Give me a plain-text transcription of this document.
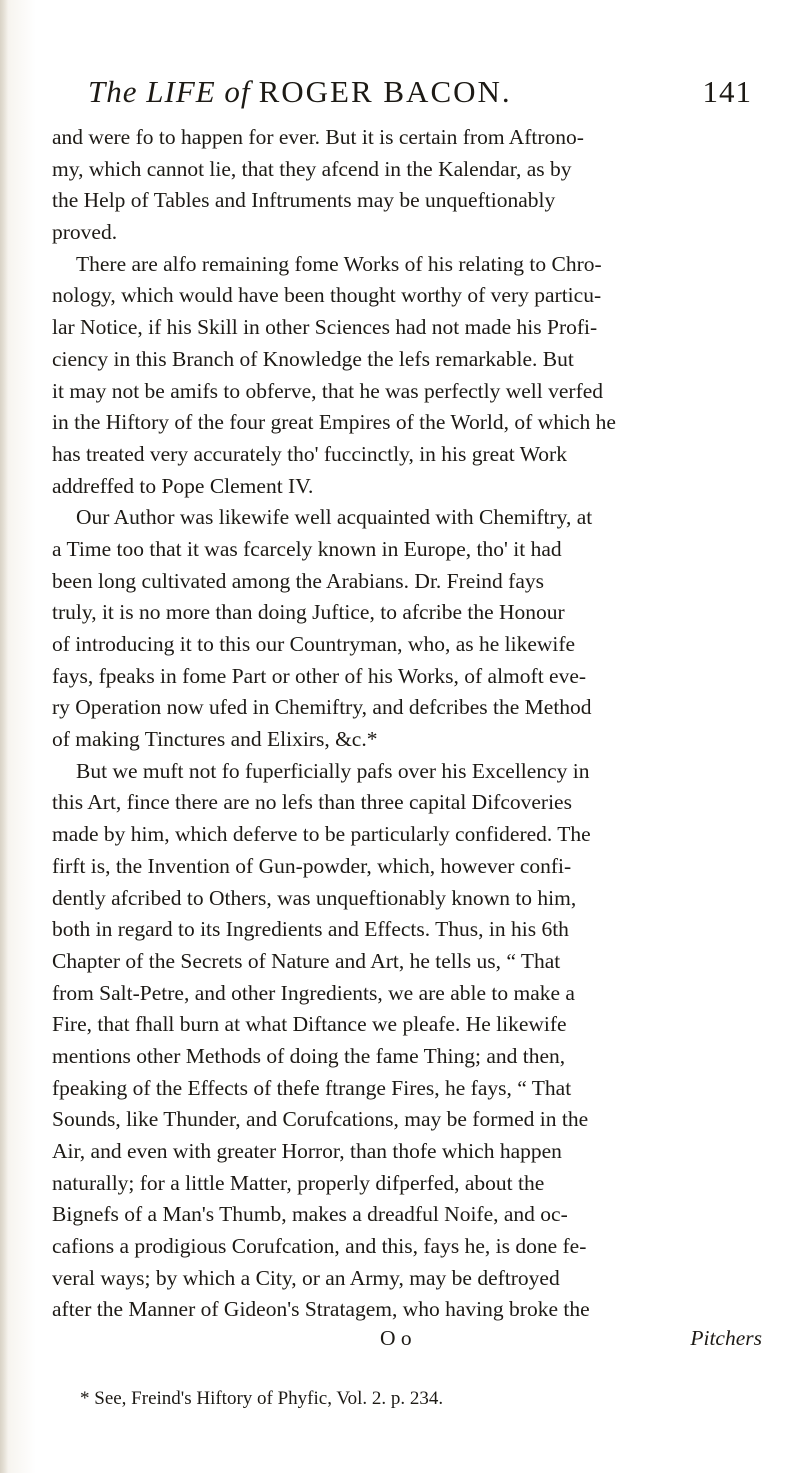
The LIFE of ROGER BACON.	141
and were fo to happen for ever. But it is certain from Aftrono-
my, which cannot lie, that they afcend in the Kalendar, as by
the Help of Tables and Inftruments may be unqueftionably
proved.
There are alfo remaining fome Works of his relating to Chro-
nology, which would have been thought worthy of very particu-
lar Notice, if his Skill in other Sciences had not made his Profi-
ciency in this Branch of Knowledge the lefs remarkable. But
it may not be amifs to obferve, that he was perfectly well verfed
in the Hiftory of the four great Empires of the World, of which he
has treated very accurately tho' fuccinctly, in his great Work
addreffed to Pope Clement IV.
Our Author was likewife well acquainted with Chemiftry, at
a Time too that it was fcarcely known in Europe, tho' it had
been long cultivated among the Arabians. Dr. Freind fays
truly, it is no more than doing Juftice, to afcribe the Honour
of introducing it to this our Countryman, who, as he likewife
fays, fpeaks in fome Part or other of his Works, of almoft eve-
ry Operation now ufed in Chemiftry, and defcribes the Method
of making Tinctures and Elixirs, &c.*
But we muft not fo fuperficially pafs over his Excellency in
this Art, fince there are no lefs than three capital Difcoveries
made by him, which deferve to be particularly confidered. The
firft is, the Invention of Gun-powder, which, however confi-
dently afcribed to Others, was unqueftionably known to him,
both in regard to its Ingredients and Effects. Thus, in his 6th
Chapter of the Secrets of Nature and Art, he tells us, “ That
from Salt-Petre, and other Ingredients, we are able to make a
Fire, that fhall burn at what Diftance we pleafe. He likewife
mentions other Methods of doing the fame Thing; and then,
fpeaking of the Effects of thefe ftrange Fires, he fays, “ That
Sounds, like Thunder, and Corufcations, may be formed in the
Air, and even with greater Horror, than thofe which happen
naturally; for a little Matter, properly difperfed, about the
Bignefs of a Man's Thumb, makes a dreadful Noife, and oc-
cafions a prodigious Corufcation, and this, fays he, is done fe-
veral ways; by which a City, or an Army, may be deftroyed
after the Manner of Gideon's Stratagem, who having broke the
O o	Pitchers
* See, Freind's Hiftory of Phyfic, Vol. 2. p. 234.
